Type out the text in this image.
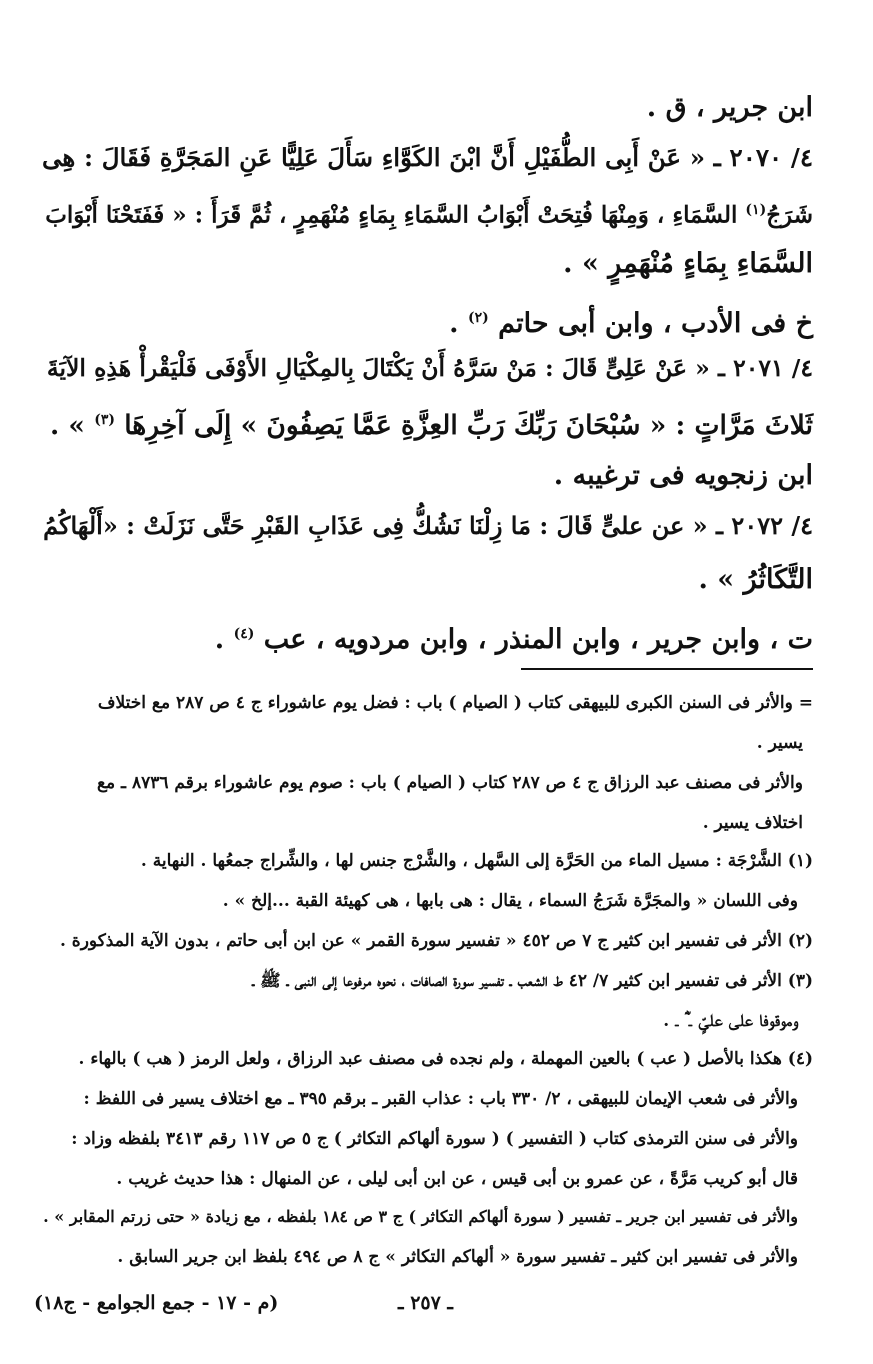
ابن جرير ، ق .
٤/ ٢٠٧٠ ـ « عَنْ أَبِى الطُّفَيْلِ أَنَّ ابْنَ الكَوَّاءِ سَأَلَ عَلِيًّا عَنِ المَجَرَّةِ فَقَالَ : هِى
شَرَجُ$^{(١)}$ السَّمَاءِ ، وَمِنْهَا فُتِحَتْ أَبْوَابُ السَّمَاءِ بِمَاءٍ مُنْهَمِرٍ ، ثُمَّ قَرَأَ : « فَفَتَحْنَا أَبْوَابَ
السَّمَاءِ بِمَاءٍ مُنْهَمِرٍ » .
خ فى الأدب ، وابن أبى حاتم $^{(٢)}$ .
٤/ ٢٠٧١ ـ « عَنْ عَلِىٍّ قَالَ : مَنْ سَرَّهُ أَنْ يَكْتَالَ بِالمِكْيَالِ الأَوْفَى فَلْيَقْرأْ هَذِهِ الآيَةَ
ثَلاثَ مَرَّاتٍ : « سُبْحَانَ رَبِّكَ رَبِّ العِزَّةِ عَمَّا يَصِفُونَ » إِلَى آخِرِهَا $^{(٣)}$ » .
ابن زنجويه فى ترغيبه .
٤/ ٢٠٧٢ ـ « عن علىٍّ قَالَ : مَا زِلْنَا نَشُكُّ فِى عَذَابِ القَبْرِ حَتَّى نَزَلَتْ : «أَلْهَاكُمُ
التَّكَاثُرُ » .
ت ، وابن جرير ، وابن المنذر ، وابن مردويه ، عب $^{(٤)}$ .
= والأثر فى السنن الكبرى للبيهقى كتاب ( الصيام ) باب : فضل يوم عاشوراء ج ٤ ص ٢٨٧ مع اختلاف
يسير .
والأثر فى مصنف عبد الرزاق ج ٤ ص ٢٨٧ كتاب ( الصيام ) باب : صوم يوم عاشوراء برقم ٨٧٣٦ ـ مع
اختلاف يسير .
(١) الشَّرْجَة : مسيل الماء من الحَرَّة إلى السَّهل ، والشَّرْج جنس لها ، والشِّراج جمعُها . النهاية .
وفى اللسان « والمجَرَّة شَرَجُ السماء ، يقال : هى بابها ، هى كهيئة القبة ...إلخ » .
(٢) الأثر فى تفسير ابن كثير ج ٧ ص ٤٥٢ « تفسير سورة القمر » عن ابن أبى حاتم ، بدون الآية المذكورة .
(٣) الأثر فى تفسير ابن كثير ٧/ ٤٢ ط الشعب ـ تفسير سورة الصافات ، نحوه مرفوعا إلى النبى ـ ﷺ ـ
وموقوفا على علىٍّ ـ ؓ ـ .
(٤) هكذا بالأصل ( عب ) بالعين المهملة ، ولم نجده فى مصنف عبد الرزاق ، ولعل الرمز ( هب ) بالهاء .
والأثر فى شعب الإيمان للبيهقى ، ٢/ ٣٣٠ باب : عذاب القبر ـ برقم ٣٩٥ ـ مع اختلاف يسير فى اللفظ :
والأثر فى سنن الترمذى كتاب ( التفسير ) ( سورة ألهاكم التكاثر ) ج ٥ ص ١١٧ رقم ٣٤١٣ بلفظه وزاد :
قال أبو كريب مَرَّةً ، عن عمرو بن أبى قيس ، عن ابن أبى ليلى ، عن المنهال : هذا حديث غريب .
والأثر فى تفسير ابن جرير ـ تفسير ( سورة ألهاكم التكاثر ) ج ٣ ص ١٨٤ بلفظه ، مع زيادة « حتى زرتم المقابر » .
والأثر فى تفسير ابن كثير ـ تفسير سورة « ألهاكم التكاثر » ج ٨ ص ٤٩٤ بلفظ ابن جرير السابق .
ـ ٢٥٧ ـ
(م - ١٧ - جمع الجوامع - ج١٨)
